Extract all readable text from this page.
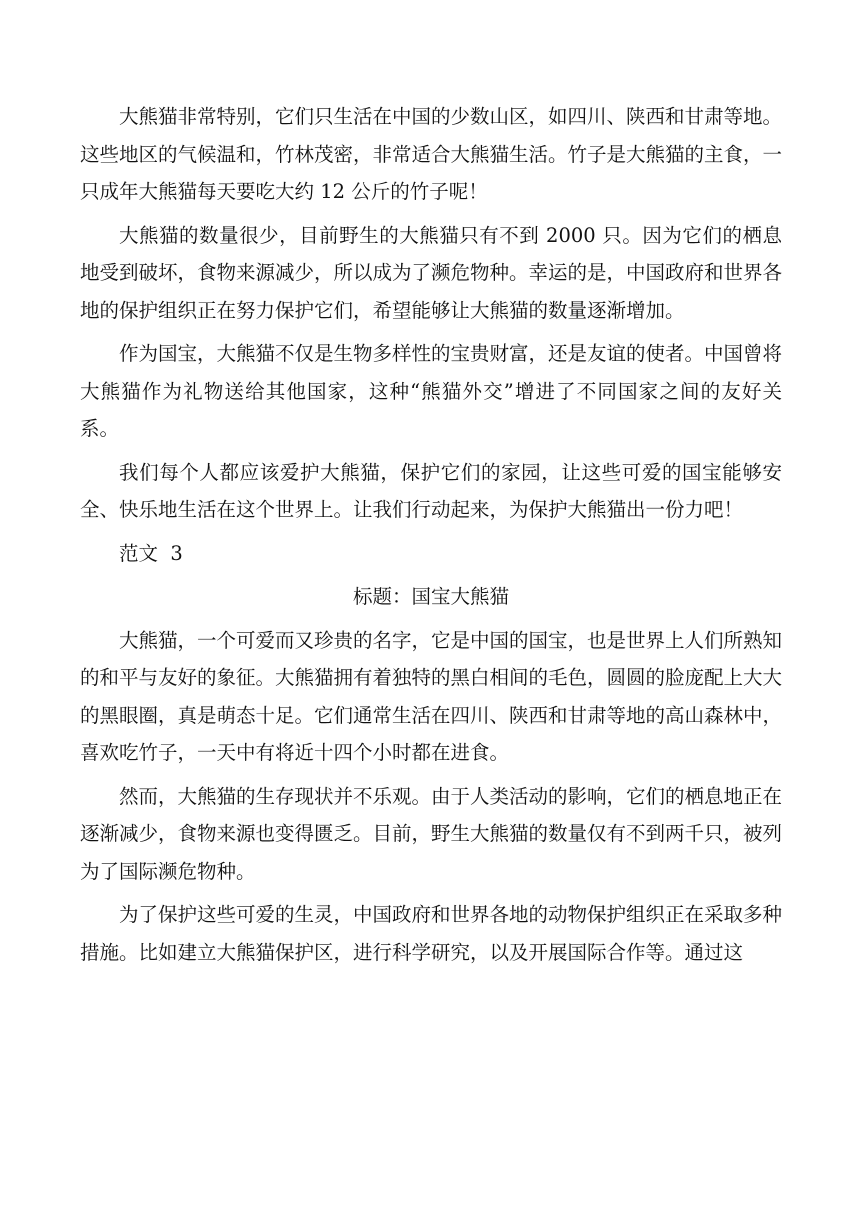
大熊猫非常特别，它们只生活在中国的少数山区，如四川、陕西和甘肃等地。这些地区的气候温和，竹林茂密，非常适合大熊猫生活。竹子是大熊猫的主食，一只成年大熊猫每天要吃大约 12 公斤的竹子呢！

大熊猫的数量很少，目前野生的大熊猫只有不到 2000 只。因为它们的栖息地受到破坏，食物来源减少，所以成为了濒危物种。幸运的是，中国政府和世界各地的保护组织正在努力保护它们，希望能够让大熊猫的数量逐渐增加。

作为国宝，大熊猫不仅是生物多样性的宝贵财富，还是友谊的使者。中国曾将大熊猫作为礼物送给其他国家，这种“熊猫外交”增进了不同国家之间的友好关系。

我们每个人都应该爱护大熊猫，保护它们的家园，让这些可爱的国宝能够安全、快乐地生活在这个世界上。让我们行动起来，为保护大熊猫出一份力吧！

范文  3

标题：国宝大熊猫

大熊猫，一个可爱而又珍贵的名字，它是中国的国宝，也是世界上人们所熟知的和平与友好的象征。大熊猫拥有着独特的黑白相间的毛色，圆圆的脸庞配上大大的黑眼圈，真是萌态十足。它们通常生活在四川、陕西和甘肃等地的高山森林中，喜欢吃竹子，一天中有将近十四个小时都在进食。

然而，大熊猫的生存现状并不乐观。由于人类活动的影响，它们的栖息地正在逐渐减少，食物来源也变得匮乏。目前，野生大熊猫的数量仅有不到两千只，被列为了国际濒危物种。

为了保护这些可爱的生灵，中国政府和世界各地的动物保护组织正在采取多种措施。比如建立大熊猫保护区，进行科学研究，以及开展国际合作等。通过这
